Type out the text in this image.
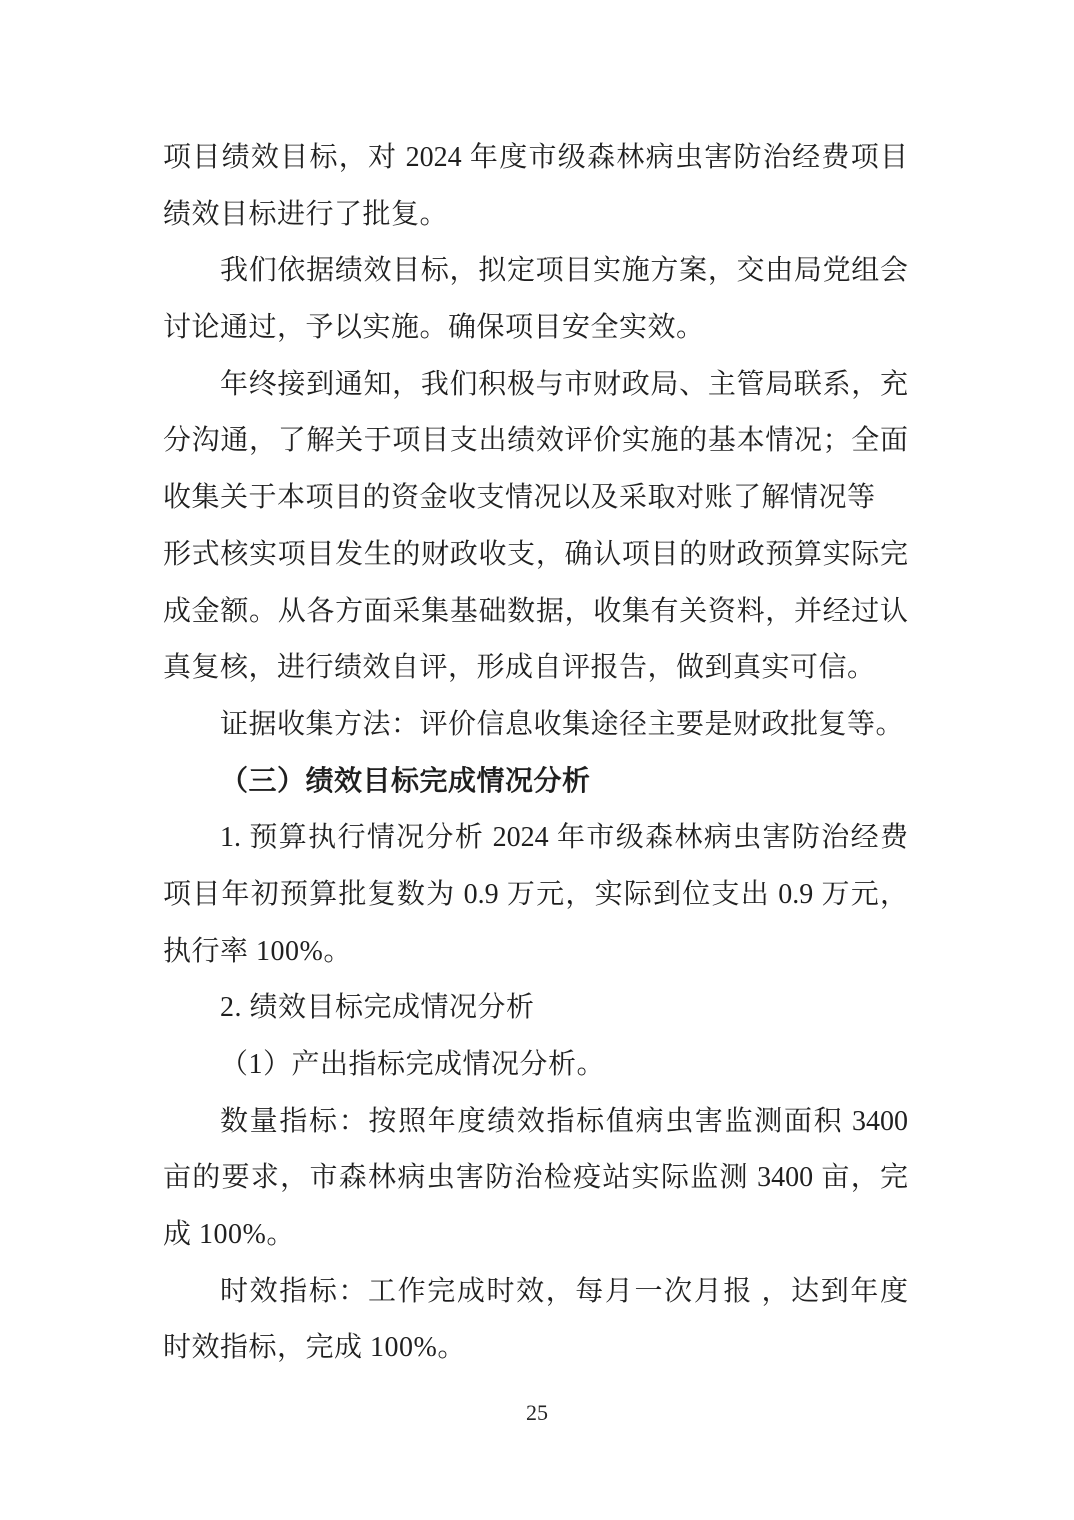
项目绩效目标，对 2024 年度市级森林病虫害防治经费项目
绩效目标进行了批复。
我们依据绩效目标，拟定项目实施方案，交由局党组会
讨论通过，予以实施。确保项目安全实效。
年终接到通知，我们积极与市财政局、主管局联系，充
分沟通，了解关于项目支出绩效评价实施的基本情况；全面
收集关于本项目的资金收支情况以及采取对账了解情况等
形式核实项目发生的财政收支，确认项目的财政预算实际完
成金额。从各方面采集基础数据，收集有关资料，并经过认
真复核，进行绩效自评，形成自评报告，做到真实可信。
证据收集方法：评价信息收集途径主要是财政批复等。
（三）绩效目标完成情况分析
1. 预算执行情况分析 2024 年市级森林病虫害防治经费
项目年初预算批复数为 0.9 万元，实际到位支出 0.9 万元，
执行率 100%。
2. 绩效目标完成情况分析
（1）产出指标完成情况分析。
数量指标：按照年度绩效指标值病虫害监测面积 3400
亩的要求，市森林病虫害防治检疫站实际监测 3400 亩，完
成 100%。
时效指标：工作完成时效，每月一次月报 ，达到年度
时效指标，完成 100%。
25
